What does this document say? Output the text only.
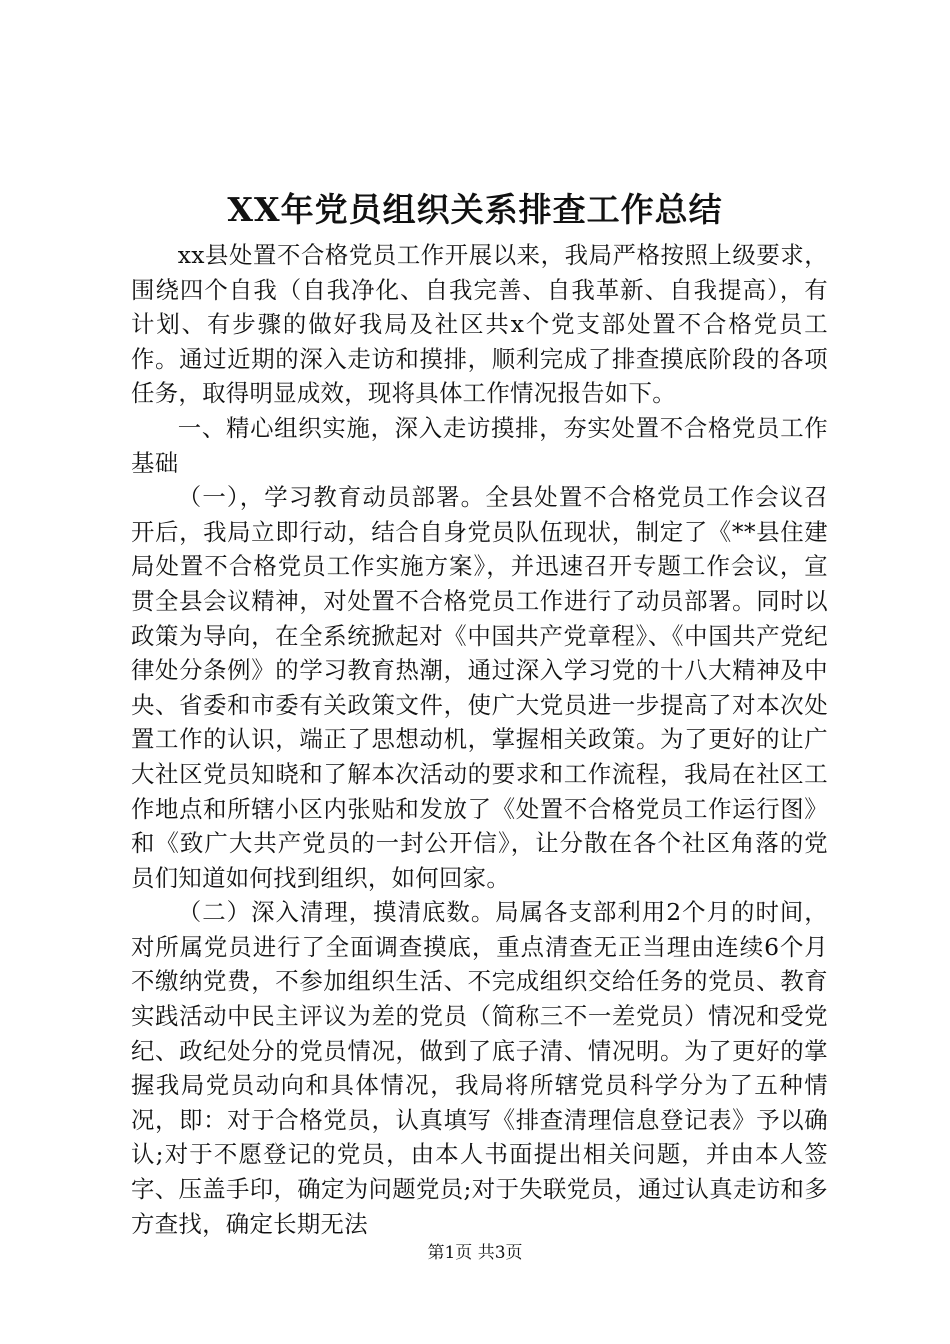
XX年党员组织关系排查工作总结

xx县处置不合格党员工作开展以来，我局严格按照上级要求，围绕四个自我（自我净化、自我完善、自我革新、自我提高），有计划、有步骤的做好我局及社区共x个党支部处置不合格党员工作。通过近期的深入走访和摸排，顺利完成了排查摸底阶段的各项任务，取得明显成效，现将具体工作情况报告如下。

一、精心组织实施，深入走访摸排，夯实处置不合格党员工作基础

（一），学习教育动员部署。全县处置不合格党员工作会议召开后，我局立即行动，结合自身党员队伍现状，制定了《**县住建局处置不合格党员工作实施方案》，并迅速召开专题工作会议，宣贯全县会议精神，对处置不合格党员工作进行了动员部署。同时以政策为导向，在全系统掀起对《中国共产党章程》、《中国共产党纪律处分条例》的学习教育热潮，通过深入学习党的十八大精神及中央、省委和市委有关政策文件，使广大党员进一步提高了对本次处置工作的认识，端正了思想动机，掌握相关政策。为了更好的让广大社区党员知晓和了解本次活动的要求和工作流程，我局在社区工作地点和所辖小区内张贴和发放了《处置不合格党员工作运行图》和《致广大共产党员的一封公开信》，让分散在各个社区角落的党员们知道如何找到组织，如何回家。

（二）深入清理，摸清底数。局属各支部利用2个月的时间，对所属党员进行了全面调查摸底，重点清查无正当理由连续6个月不缴纳党费，不参加组织生活、不完成组织交给任务的党员、教育实践活动中民主评议为差的党员（简称三不一差党员）情况和受党纪、政纪处分的党员情况，做到了底子清、情况明。为了更好的掌握我局党员动向和具体情况，我局将所辖党员科学分为了五种情况，即：对于合格党员，认真填写《排查清理信息登记表》予以确认;对于不愿登记的党员，由本人书面提出相关问题，并由本人签字、压盖手印，确定为问题党员;对于失联党员，通过认真走访和多方查找，确定长期无法

第1页 共3页
